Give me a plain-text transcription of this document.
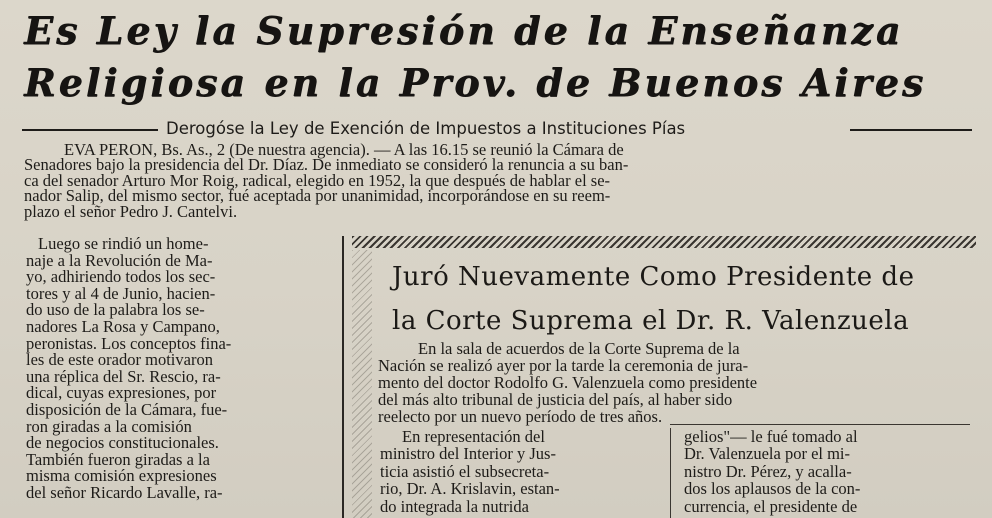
Es Ley la Supresión de la Enseñanza
Religiosa en la Prov. de Buenos Aires
Derogóse la Ley de Exención de Impuestos a Instituciones Pías
EVA PERON, Bs. As., 2 (De nuestra agencia). — A las 16.15 se reunió la Cámara de
Senadores bajo la presidencia del Dr. Díaz. De inmediato se consideró la renuncia a su ban-
ca del senador Arturo Mor Roig, radical, elegido en 1952, la que después de hablar el se-
nador Salip, del mismo sector, fué aceptada por unanimidad, incorporándose en su reem-
plazo el señor Pedro J. Cantelvi.
Luego se rindió un home-
naje a la Revolución de Ma-
yo, adhiriendo todos los sec-
tores y al 4 de Junio, hacien-
do uso de la palabra los se-
nadores La Rosa y Campano,
peronistas. Los conceptos fina-
les de este orador motivaron
una réplica del Sr. Rescio, ra-
dical, cuyas expresiones, por
disposición de la Cámara, fue-
ron giradas a la comisión
de negocios constitucionales.
También fueron giradas a la
misma comisión expresiones
del señor Ricardo Lavalle, ra-
Juró Nuevamente Como Presidente de
la Corte Suprema el Dr. R. Valenzuela
En la sala de acuerdos de la Corte Suprema de la
Nación se realizó ayer por la tarde la ceremonia de jura-
mento del doctor Rodolfo G. Valenzuela como presidente
del más alto tribunal de justicia del país, al haber sido
reelecto por un nuevo período de tres años.
En representación del
ministro del Interior y Jus-
ticia asistió el subsecreta-
rio, Dr. A. Krislavin, estan-
do integrada la nutrida
gelios"— le fué tomado al
Dr. Valenzuela por el mi-
nistro Dr. Pérez, y acalla-
dos los aplausos de la con-
currencia, el presidente de
